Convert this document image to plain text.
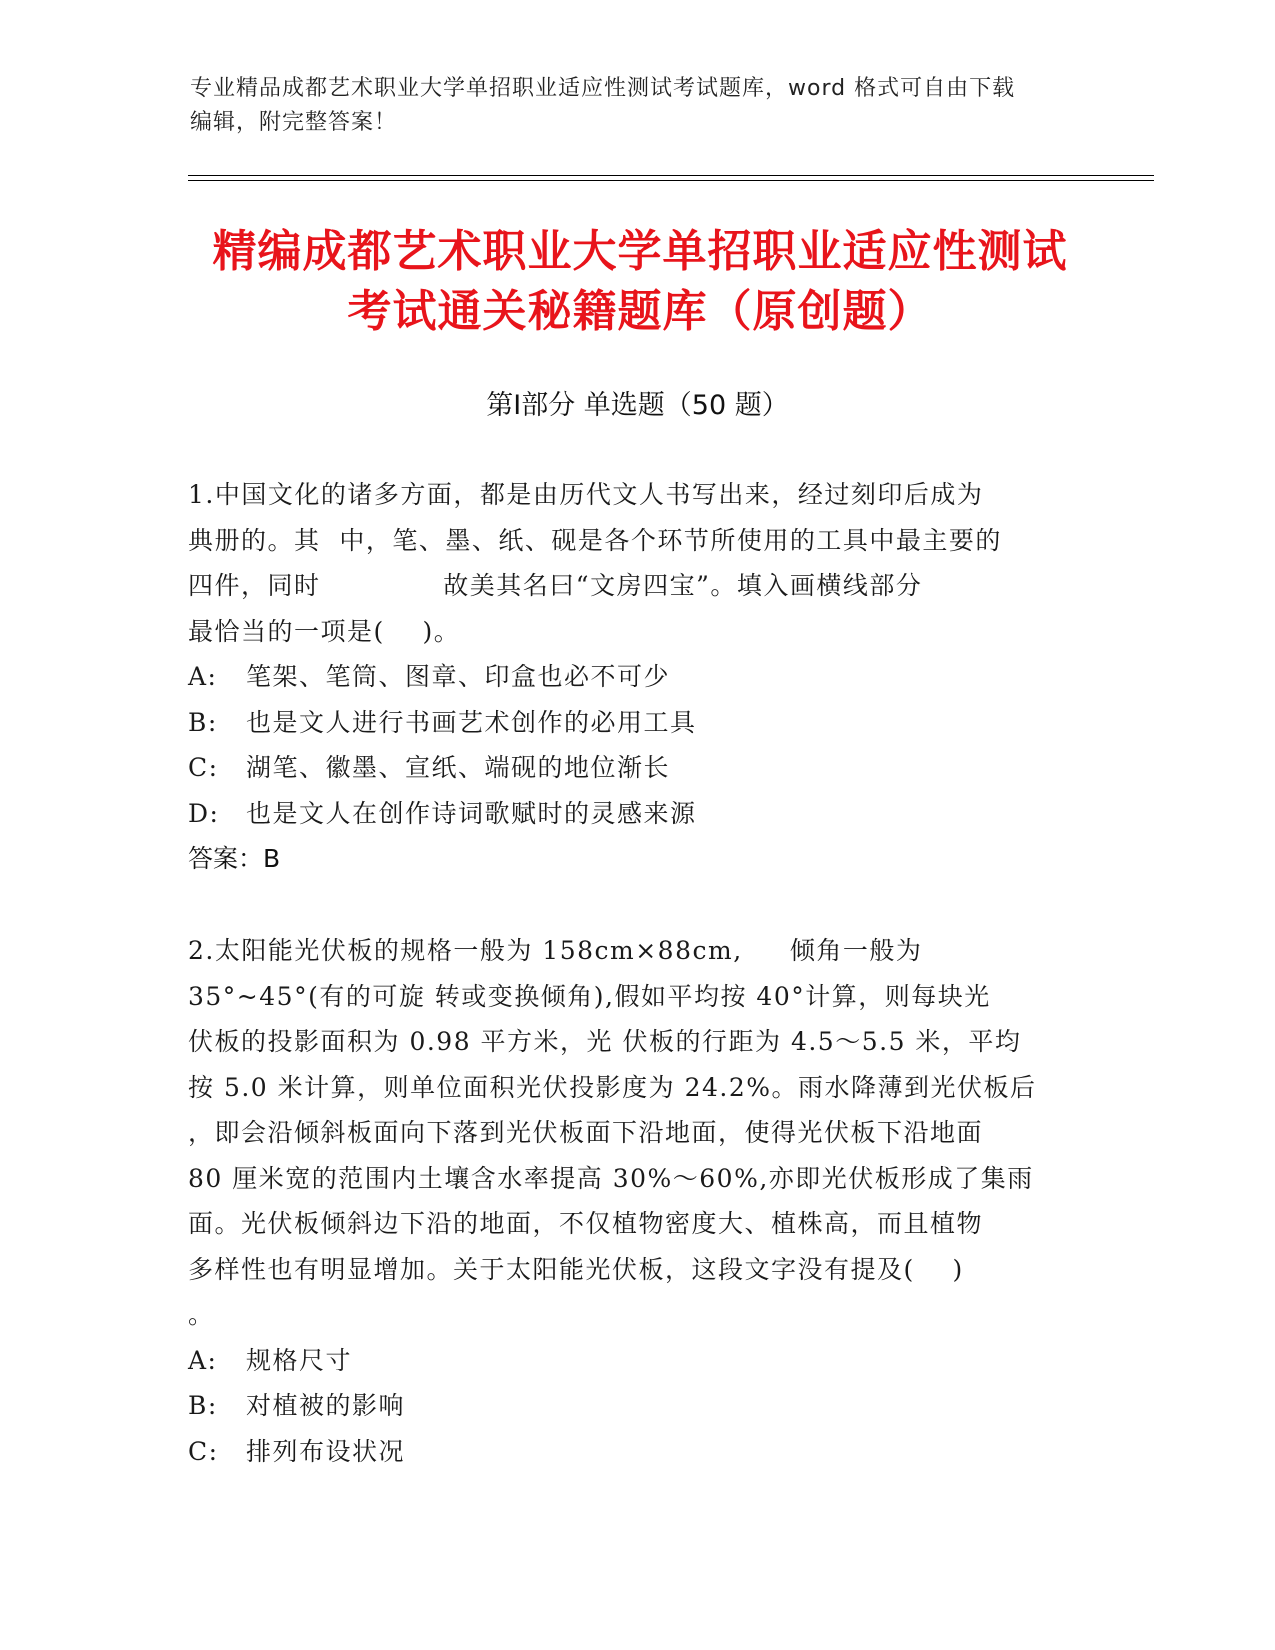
专业精品成都艺术职业大学单招职业适应性测试考试题库，word 格式可自由下载
编辑，附完整答案！
精编成都艺术职业大学单招职业适应性测试
考试通关秘籍题库（原创题）
第Ⅰ部分 单选题（50 题）
1.中国文化的诸多方面，都是由历代文人书写出来，经过刻印后成为
典册的。其  中，笔、墨、纸、砚是各个环节所使用的工具中最主要的
四件，同时             故美其名曰“文房四宝”。填入画横线部分
最恰当的一项是(    )。
A: 笔架、笔筒、图章、印盒也必不可少
B: 也是文人进行书画艺术创作的必用工具
C: 湖笔、徽墨、宣纸、端砚的地位渐长
D: 也是文人在创作诗词歌赋时的灵感来源
答案：B
2.太阳能光伏板的规格一般为 158cm×88cm,     倾角一般为
35°~45°(有的可旋 转或变换倾角),假如平均按 40°计算，则每块光
伏板的投影面积为 0.98 平方米，光 伏板的行距为 4.5～5.5 米，平均
按 5.0 米计算，则单位面积光伏投影度为 24.2%。雨水降薄到光伏板后
，即会沿倾斜板面向下落到光伏板面下沿地面，使得光伏板下沿地面
80 厘米宽的范围内土壤含水率提高 30%～60%,亦即光伏板形成了集雨
面。光伏板倾斜边下沿的地面，不仅植物密度大、植株高，而且植物
多样性也有明显增加。关于太阳能光伏板，这段文字没有提及(    )
。
A: 规格尺寸
B: 对植被的影响
C: 排列布设状况
